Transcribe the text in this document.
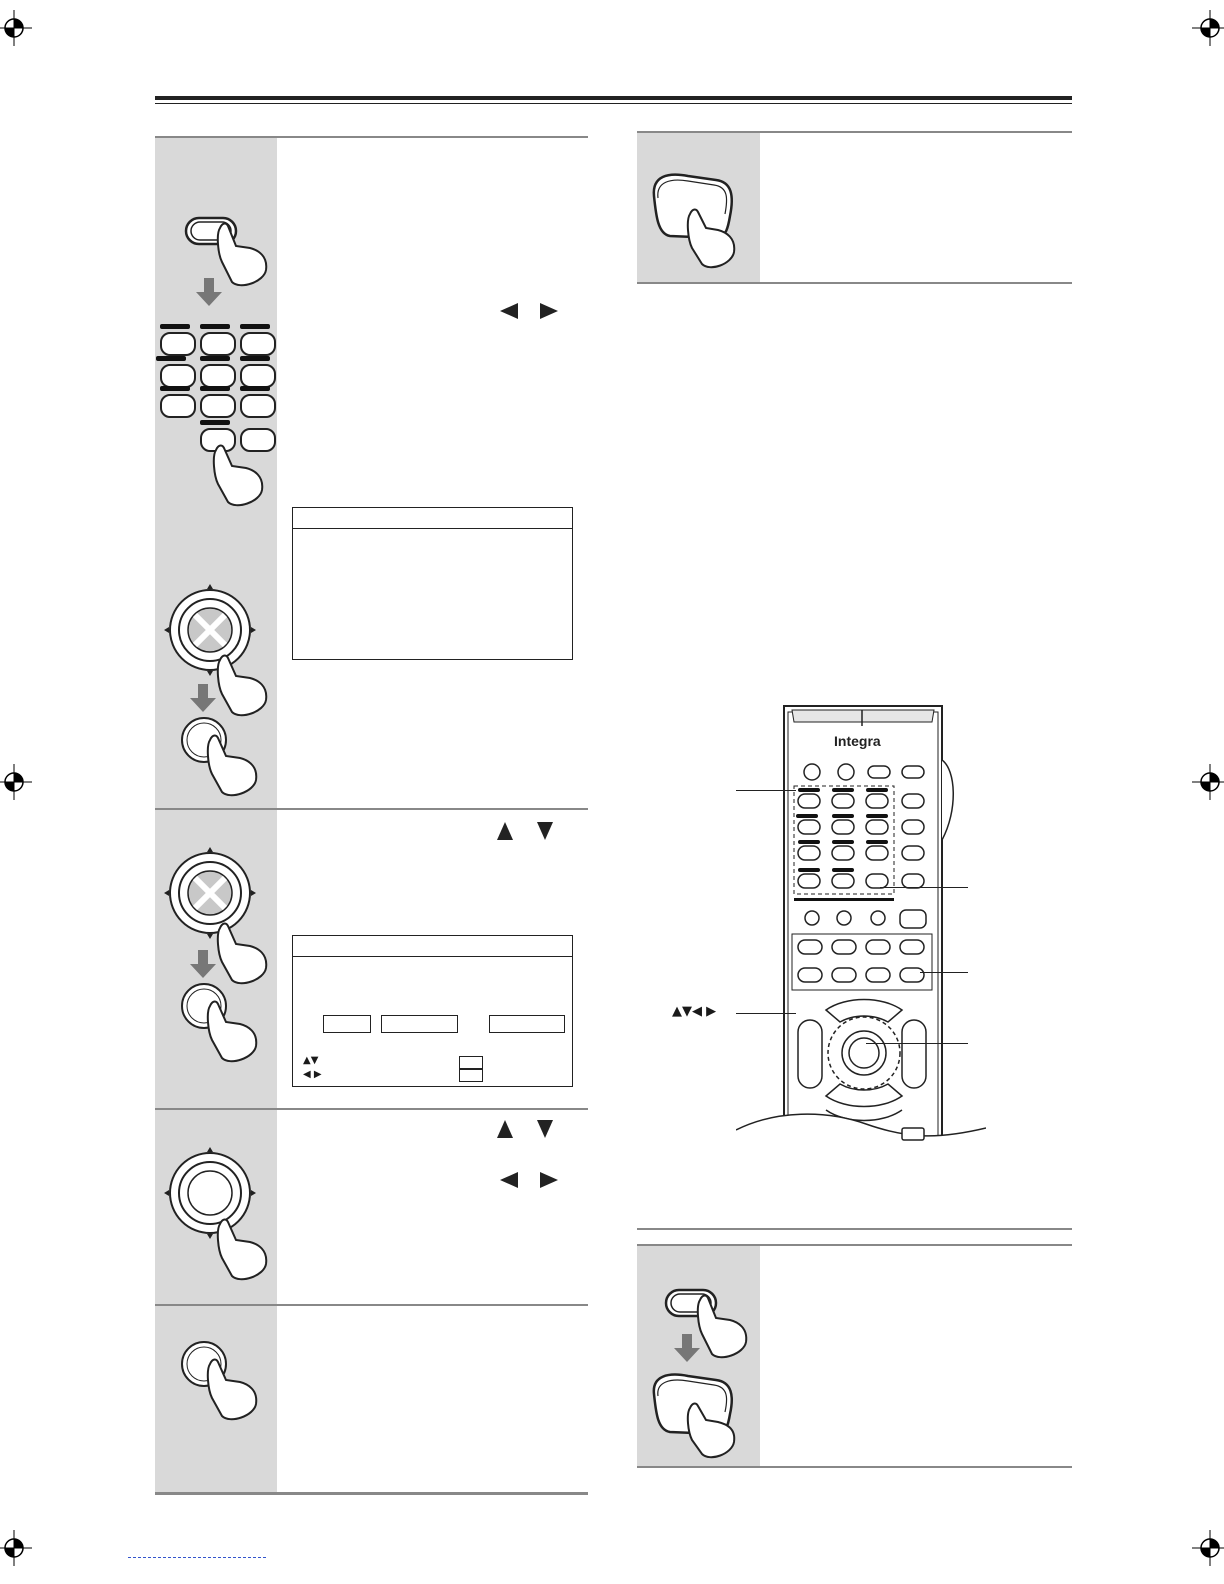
▲▼
◀ ▶
Integra
▲▼◀ ▶
